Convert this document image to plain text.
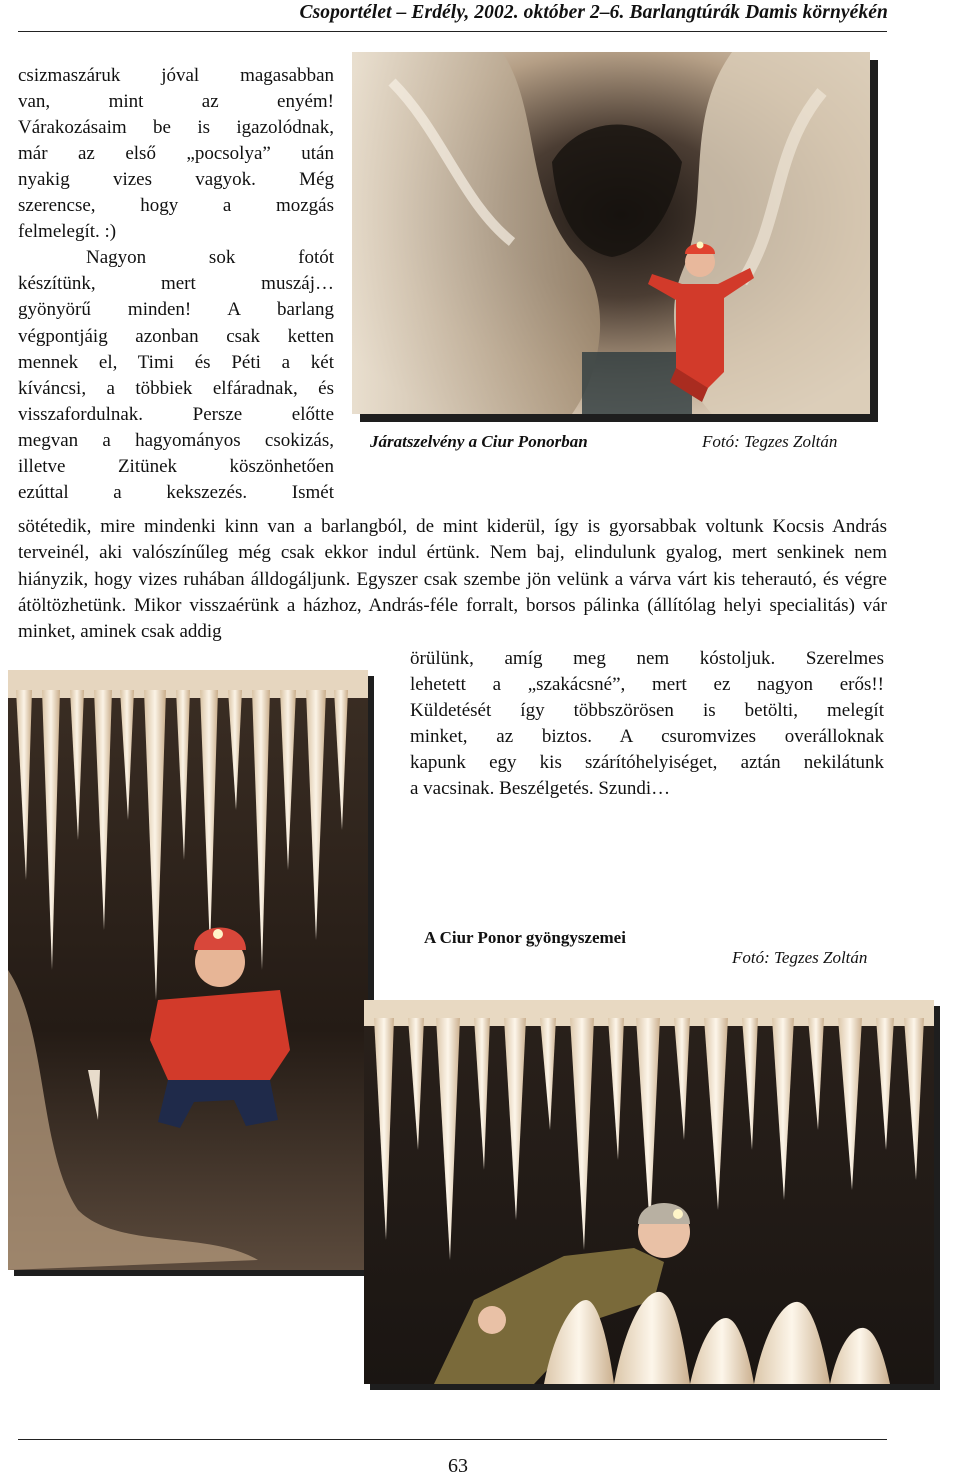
Csoportélet – Erdély, 2002. október 2–6. Barlangtúrák Damis környékén

csizmaszáruk jóval magasabban

van, mint az enyém!

Várakozásaim be is igazolódnak,

már az első „pocsolya” után

nyakig vizes vagyok. Még

szerencse, hogy a mozgás

felmelegít. :)

Nagyon sok fotót

készítünk, mert muszáj…

gyönyörű minden! A barlang

végpontjáig azonban csak ketten

mennek el, Timi és Péti a két

kíváncsi, a többiek elfáradnak, és

visszafordulnak. Persze előtte

megvan a hagyományos csokizás,

illetve Zitünek köszönhetően

ezúttal a kekszezés. Ismét

Járatszelvény a Ciur Ponorban	Fotó: Tegzes Zoltán

sötétedik, mire mindenki kinn van a barlangból, de mint kiderül, így is gyorsabbak voltunk Kocsis András terveinél, aki valószínűleg még csak ekkor indul értünk. Nem baj, elindulunk gyalog, mert senkinek nem hiányzik, hogy vizes ruhában álldogáljunk. Egyszer csak szembe jön velünk a várva várt kis teherautó, és végre átöltözhetünk. Mikor visszaérünk a házhoz, András-féle forralt, borsos pálinka (állítólag helyi specialitás) vár minket, aminek csak addig

örülünk, amíg meg nem kóstoljuk. Szerelmes

lehetett a „szakácsné”, mert ez nagyon erős!!

Küldetését így többszörösen is betölti, melegít

minket, az biztos. A csuromvizes overálloknak

kapunk egy kis szárítóhelyiséget, aztán nekilátunk

a vacsinak. Beszélgetés. Szundi…

A Ciur Ponor gyöngyszemei
Fotó: Tegzes Zoltán
63
